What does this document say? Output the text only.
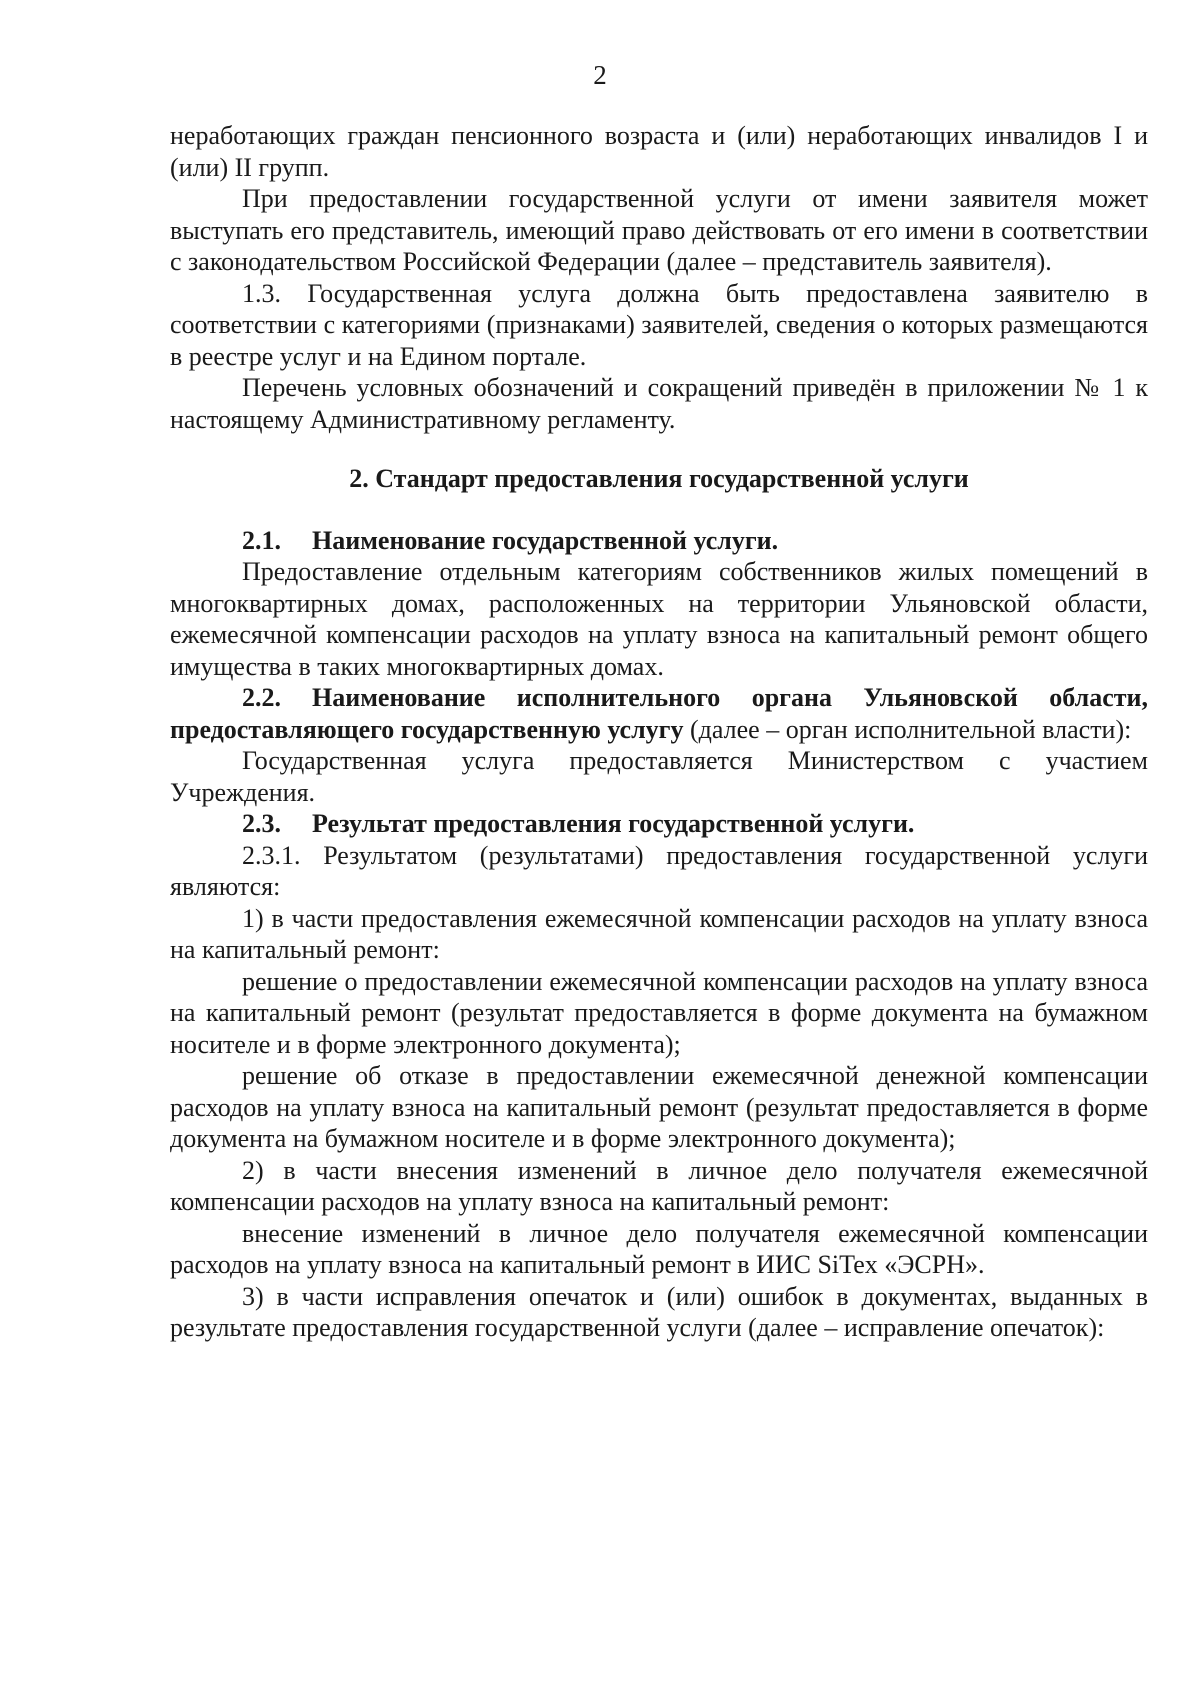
2

неработающих граждан пенсионного возраста и (или) неработающих инвалидов I и (или) II групп.

При предоставлении государственной услуги от имени заявителя может выступать его представитель, имеющий право действовать от его имени в соответствии с законодательством Российской Федерации (далее – представитель заявителя).

1.3. Государственная услуга должна быть предоставлена заявителю в соответствии с категориями (признаками) заявителей, сведения о которых размещаются в реестре услуг и на Едином портале.

Перечень условных обозначений и сокращений приведён в приложении № 1 к настоящему Административному регламенту.

2. Стандарт предоставления государственной услуги

2.1. Наименование государственной услуги.

Предоставление отдельным категориям собственников жилых помещений в многоквартирных домах, расположенных на территории Ульяновской области, ежемесячной компенсации расходов на уплату взноса на капитальный ремонт общего имущества в таких многоквартирных домах.

2.2. Наименование исполнительного органа Ульяновской области, предоставляющего государственную услугу (далее – орган исполнительной власти):

Государственная услуга предоставляется Министерством с участием Учреждения.

2.3. Результат предоставления государственной услуги.

2.3.1. Результатом (результатами) предоставления государственной услуги являются:

1) в части предоставления ежемесячной компенсации расходов на уплату взноса на капитальный ремонт:

решение о предоставлении ежемесячной компенсации расходов на уплату взноса на капитальный ремонт (результат предоставляется в форме документа на бумажном носителе и в форме электронного документа);

решение об отказе в предоставлении ежемесячной денежной компенсации расходов на уплату взноса на капитальный ремонт (результат предоставляется в форме документа на бумажном носителе и в форме электронного документа);

2) в части внесения изменений в личное дело получателя ежемесячной компенсации расходов на уплату взноса на капитальный ремонт:

внесение изменений в личное дело получателя ежемесячной компенсации расходов на уплату взноса на капитальный ремонт в ИИС SiTex «ЭСРН».

3) в части исправления опечаток и (или) ошибок в документах, выданных в результате предоставления государственной услуги (далее – исправление опечаток):
